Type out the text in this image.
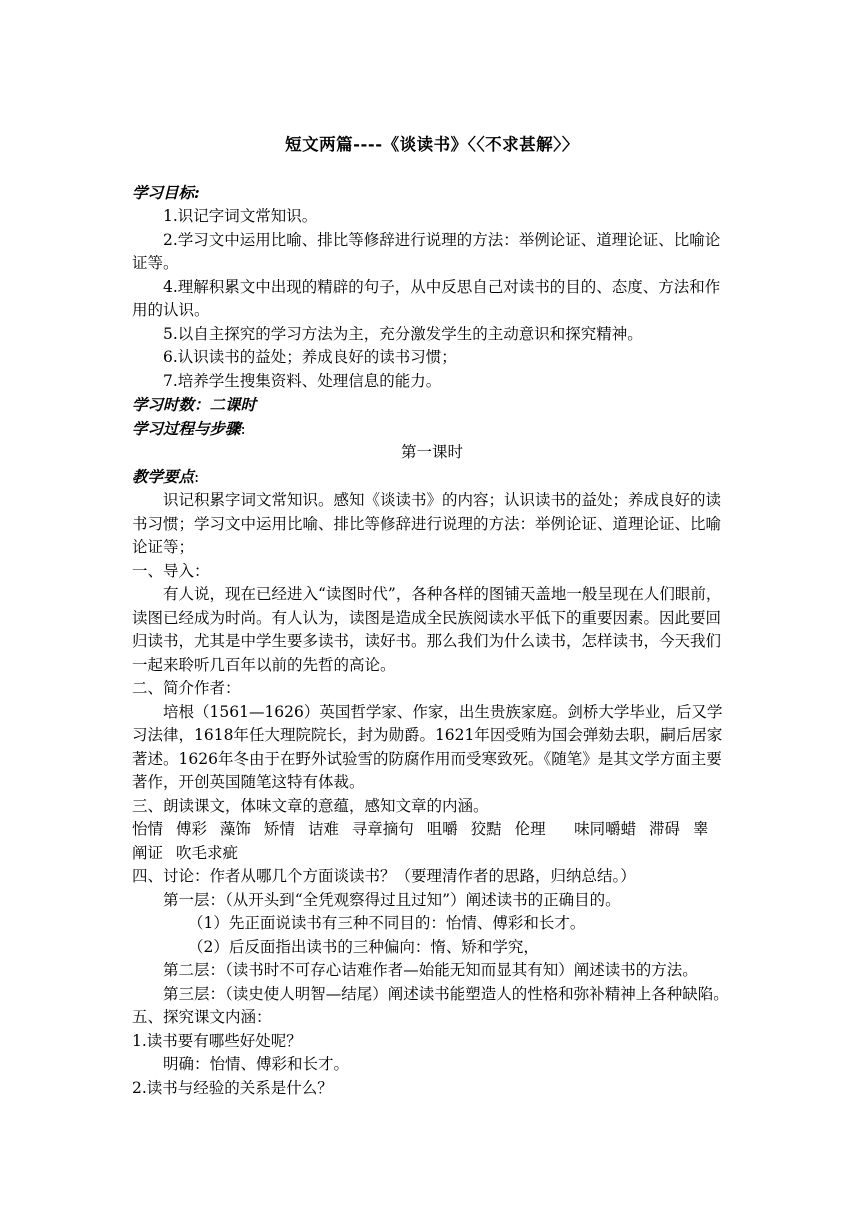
短文两篇----《谈读书》〈〈不求甚解〉〉

学习目标:

1.识记字词文常知识。

2.学习文中运用比喻、排比等修辞进行说理的方法：举例论证、道理论证、比喻论证等。

4.理解积累文中出现的精辟的句子，从中反思自己对读书的目的、态度、方法和作用的认识。

5.以自主探究的学习方法为主，充分激发学生的主动意识和探究精神。

6.认识读书的益处；养成良好的读书习惯；

7.培养学生搜集资料、处理信息的能力。

学习时数：二课时

学习过程与步骤:

第一课时

教学要点:

识记积累字词文常知识。感知《谈读书》的内容；认识读书的益处；养成良好的读书习惯；学习文中运用比喻、排比等修辞进行说理的方法：举例论证、道理论证、比喻论证等；

一、导入：

有人说，现在已经进入“读图时代”，各种各样的图铺天盖地一般呈现在人们眼前，读图已经成为时尚。有人认为，读图是造成全民族阅读水平低下的重要因素。因此要回归读书，尤其是中学生要多读书，读好书。那么我们为什么读书，怎样读书，今天我们一起来聆听几百年以前的先哲的高论。

二、简介作者：

培根（1561—1626）英国哲学家、作家，出生贵族家庭。剑桥大学毕业，后又学习法律，1618年任大理院院长，封为勋爵。1621年因受贿为国会弹劾去职，嗣后居家著述。1626年冬由于在野外试验雪的防腐作用而受寒致死。《随笔》是其文学方面主要著作，开创英国随笔这特有体裁。

三、朗读课文，体味文章的意蕴，感知文章的内涵。

怡情 傅彩 藻饰 矫情 诘难 寻章摘句 咀嚼 狡黠 伦理 　味同嚼蜡 滞碍 睾 阐证 吹毛求疵

四、讨论：作者从哪几个方面谈读书？（要理清作者的思路，归纳总结。）

第一层：（从开头到“全凭观察得过且过知”）阐述读书的正确目的。

（1）先正面说读书有三种不同目的：怡情、傅彩和长才。

（2）后反面指出读书的三种偏向：惰、矫和学究，

第二层：（读书时不可存心诘难作者—始能无知而显其有知）阐述读书的方法。

第三层：（读史使人明智—结尾）阐述读书能塑造人的性格和弥补精神上各种缺陷。

五、探究课文内涵：

1.读书要有哪些好处呢？

明确：怡情、傅彩和长才。

2.读书与经验的关系是什么？
